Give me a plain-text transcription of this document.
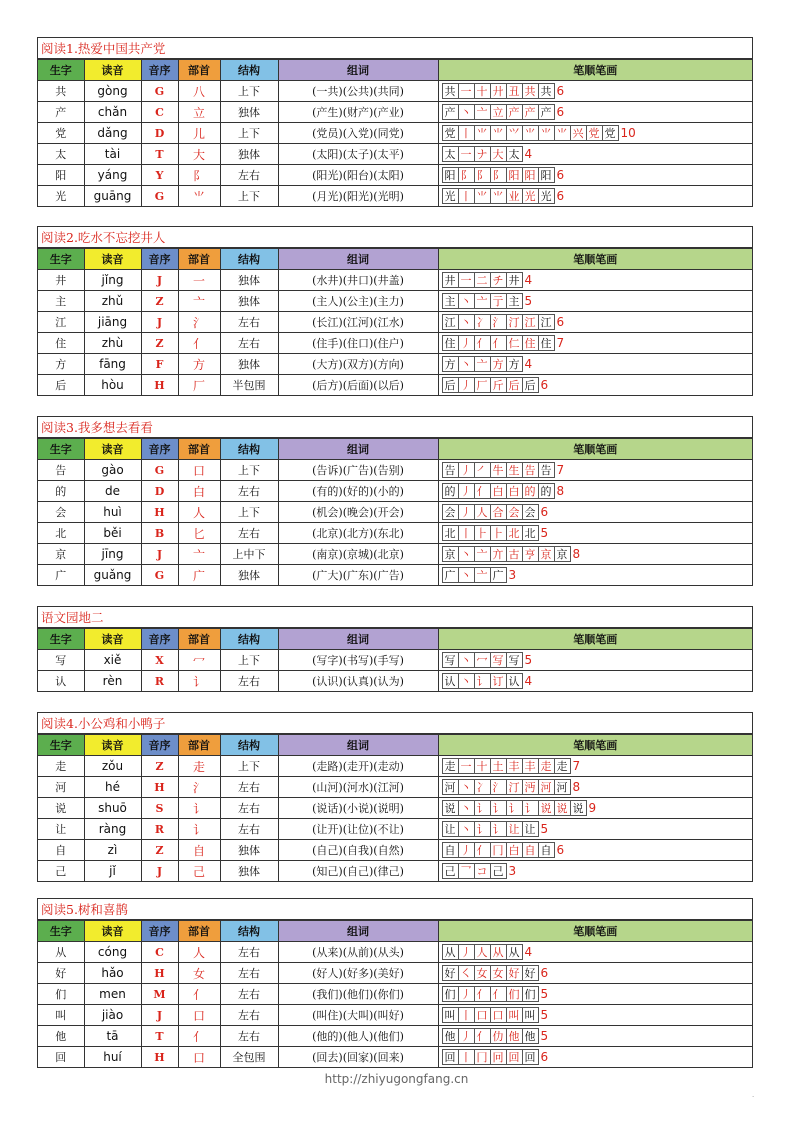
阅读1.热爱中国共产党
生字	读音	音序	部首	结构	组词	笔顺笔画
共	gòng	G	八	上下	(一共)(公共)(共同)	共 一 十 廾 丑 共 共 6
产	chǎn	C	立	独体	(产生)(财产)(产业)	产 丶 亠 立 产 产 产 6
党	dǎng	D	儿	上下	(党员)(入党)(同党)	党 丨 ⺌ ⺌ ⺍ ⺌ ⺌ ⺌ 兴 党 党 10
太	tài	T	大	独体	(太阳)(太子)(太平)	太 一 ナ 大 太 4
阳	yáng	Y	阝	左右	(阳光)(阳台)(太阳)	阳 阝 阝 阝 阳 阳 阳 6
光	guāng	G	⺌	上下	(月光)(阳光)(光明)	光 丨 ⺌ ⺌ 业 光 光 6
阅读2.吃水不忘挖井人
生字	读音	音序	部首	结构	组词	笔顺笔画
井	jǐng	J	一	独体	(水井)(井口)(井盖)	井 一 二 チ 井 4
主	zhǔ	Z	亠	独体	(主人)(公主)(主力)	主 丶 亠 亍 主 5
江	jiāng	J	氵	左右	(长江)(江河)(江水)	江 丶 冫 氵 汀 江 江 6
住	zhù	Z	亻	左右	(住手)(住口)(住户)	住 丿 亻 亻 仁 住 住 7
方	fāng	F	方	独体	(大方)(双方)(方向)	方 丶 亠 方 方 4
后	hòu	H	厂	半包围	(后方)(后面)(以后)	后 丿 厂 斤 后 后 6
阅读3.我多想去看看
生字	读音	音序	部首	结构	组词	笔顺笔画
告	gào	G	口	上下	(告诉)(广告)(告别)	告 丿 ㇒ 牛 生 告 告 7
的	de	D	白	左右	(有的)(好的)(小的)	的 丿 亻 白 白 的 的 8
会	huì	H	人	上下	(机会)(晚会)(开会)	会 丿 人 合 会 会 6
北	běi	B	匕	左右	(北京)(北方)(东北)	北 丨 ⺊ ⺊ 北 北 5
京	jīng	J	亠	上中下	(南京)(京城)(北京)	京 丶 亠 亣 古 亨 京 京 8
广	guǎng	G	广	独体	(广大)(广东)(广告)	广 丶 亠 广 3
语文园地二
生字	读音	音序	部首	结构	组词	笔顺笔画
写	xiě	X	冖	上下	(写字)(书写)(手写)	写 丶 冖 写 写 5
认	rèn	R	讠	左右	(认识)(认真)(认为)	认 丶 讠 订 认 4
阅读4.小公鸡和小鸭子
生字	读音	音序	部首	结构	组词	笔顺笔画
走	zǒu	Z	走	上下	(走路)(走开)(走动)	走 一 十 土 丰 丰 走 走 7
河	hé	H	氵	左右	(山河)(河水)(江河)	河 丶 冫 氵 汀 沔 河 河 8
说	shuō	S	讠	左右	(说话)(小说)(说明)	说 丶 讠 讠 讠 讠 说 说 说 9
让	ràng	R	讠	左右	(让开)(让位)(不让)	让 丶 讠 讠 让 让 5
自	zì	Z	自	独体	(自己)(自我)(自然)	自 丿 亻 冂 白 自 自 6
己	jǐ	J	己	独体	(知己)(自己)(律己)	己 乛 コ 己 3
阅读5.树和喜鹊
生字	读音	音序	部首	结构	组词	笔顺笔画
从	cóng	C	人	左右	(从来)(从前)(从头)	从 丿 人 从 从 4
好	hǎo	H	女	左右	(好人)(好多)(美好)	好 ㇛ 女 女 好 好 6
们	men	M	亻	左右	(我们)(他们)(你们)	们 丿 亻 亻 们 们 5
叫	jiào	J	口	左右	(叫住)(大叫)(叫好)	叫 丨 口 口 叫 叫 5
他	tā	T	亻	左右	(他的)(他人)(他们)	他 丿 亻 仂 他 他 5
回	huí	H	口	全包围	(回去)(回家)(回来)	回 丨 冂 冋 回 回 6
http://zhiyugongfang.cn
·
